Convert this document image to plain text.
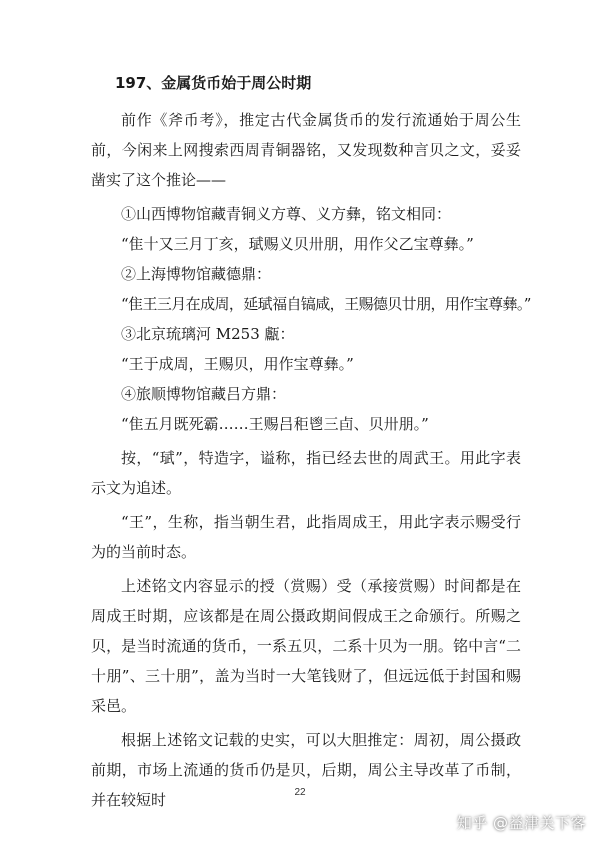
197、金属货币始于周公时期

前作《斧币考》，推定古代金属货币的发行流通始于周公生前，今闲来上网搜索西周青铜器铭，又发现数种言贝之文，妥妥凿实了这个推论——

①山西博物馆藏青铜义方尊、义方彝，铭文相同：

“隹十又三月丁亥，珷赐义贝卅朋，用作父乙宝尊彝。”

②上海博物馆藏德鼎：

“隹王三月在成周，延珷福自镐咸，王赐德贝廿朋，用作宝尊彝。”

③北京琉璃河 M253 甗：

“王于成周，王赐贝，用作宝尊彝。”

④旅顺博物馆藏吕方鼎：

“隹五月既死霸……王赐吕秬鬯三卣、贝卅朋。”

按，“珷”，特造字，谥称，指已经去世的周武王。用此字表示文为追述。

“王”，生称，指当朝生君，此指周成王，用此字表示赐受行为的当前时态。

上述铭文内容显示的授（赏赐）受（承接赏赐）时间都是在周成王时期，应该都是在周公摄政期间假成王之命颁行。所赐之贝，是当时流通的货币，一系五贝，二系十贝为一朋。铭中言“二十朋”、三十朋”，盖为当时一大笔钱财了，但远远低于封国和赐采邑。

根据上述铭文记载的史实，可以大胆推定：周初，周公摄政前期，市场上流通的货币仍是贝，后期，周公主导改革了币制，并在较短时	22
知乎 @益津关下客
